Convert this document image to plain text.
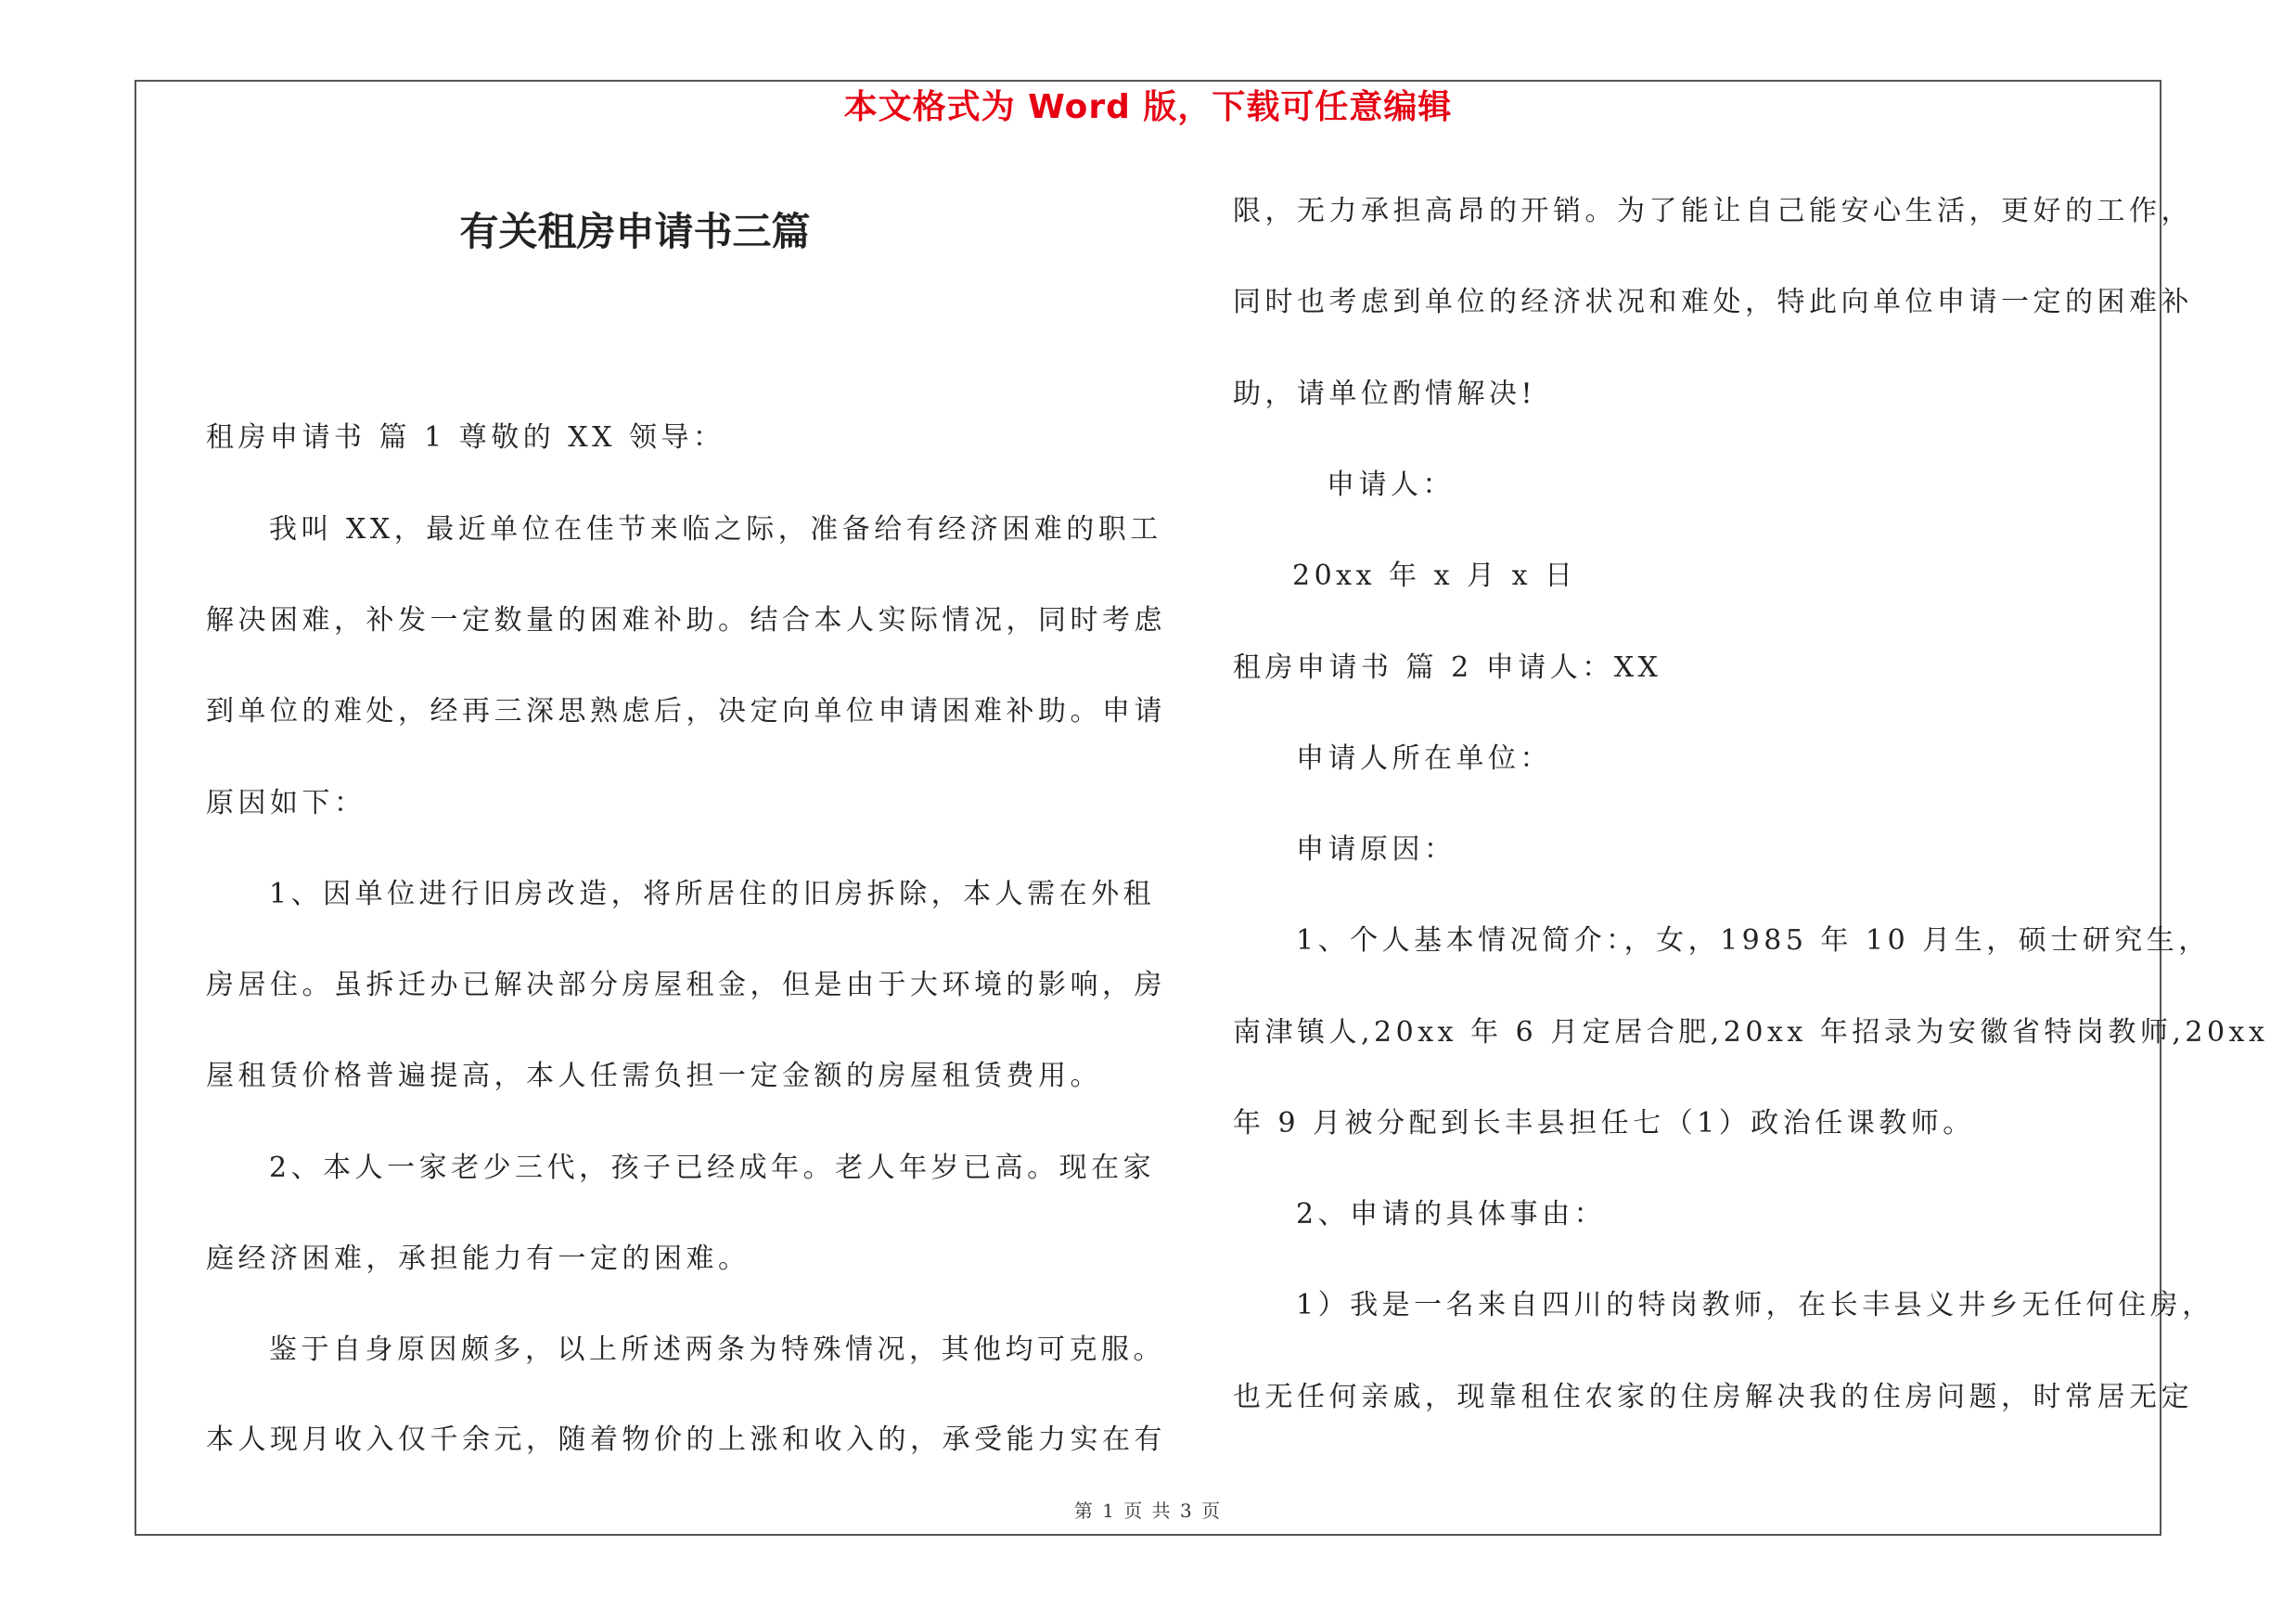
本文格式为 Word 版，下载可任意编辑
有关租房申请书三篇
租房申请书 篇 1 尊敬的 XX 领导：
我叫 XX，最近单位在佳节来临之际，准备给有经济困难的职工
解决困难，补发一定数量的困难补助。结合本人实际情况，同时考虑
到单位的难处，经再三深思熟虑后，决定向单位申请困难补助。申请
原因如下：
1、因单位进行旧房改造，将所居住的旧房拆除，本人需在外租
房居住。虽拆迁办已解决部分房屋租金，但是由于大环境的影响，房
屋租赁价格普遍提高，本人任需负担一定金额的房屋租赁费用。
2、本人一家老少三代，孩子已经成年。老人年岁已高。现在家
庭经济困难，承担能力有一定的困难。
鉴于自身原因颇多，以上所述两条为特殊情况，其他均可克服。
本人现月收入仅千余元，随着物价的上涨和收入的，承受能力实在有
限，无力承担高昂的开销。为了能让自己能安心生活，更好的工作，
同时也考虑到单位的经济状况和难处，特此向单位申请一定的困难补
助，请单位酌情解决!
申请人：
20xx 年 x 月 x 日
租房申请书 篇 2 申请人：XX
申请人所在单位：
申请原因：
1、个人基本情况简介：，女，1985 年 10 月生，硕士研究生，
南津镇人,20xx 年 6 月定居合肥,20xx 年招录为安徽省特岗教师,20xx
年 9 月被分配到长丰县担任七（1）政治任课教师。
2、申请的具体事由：
1）我是一名来自四川的特岗教师，在长丰县义井乡无任何住房，
也无任何亲戚，现靠租住农家的住房解决我的住房问题，时常居无定
第 1 页 共 3 页
